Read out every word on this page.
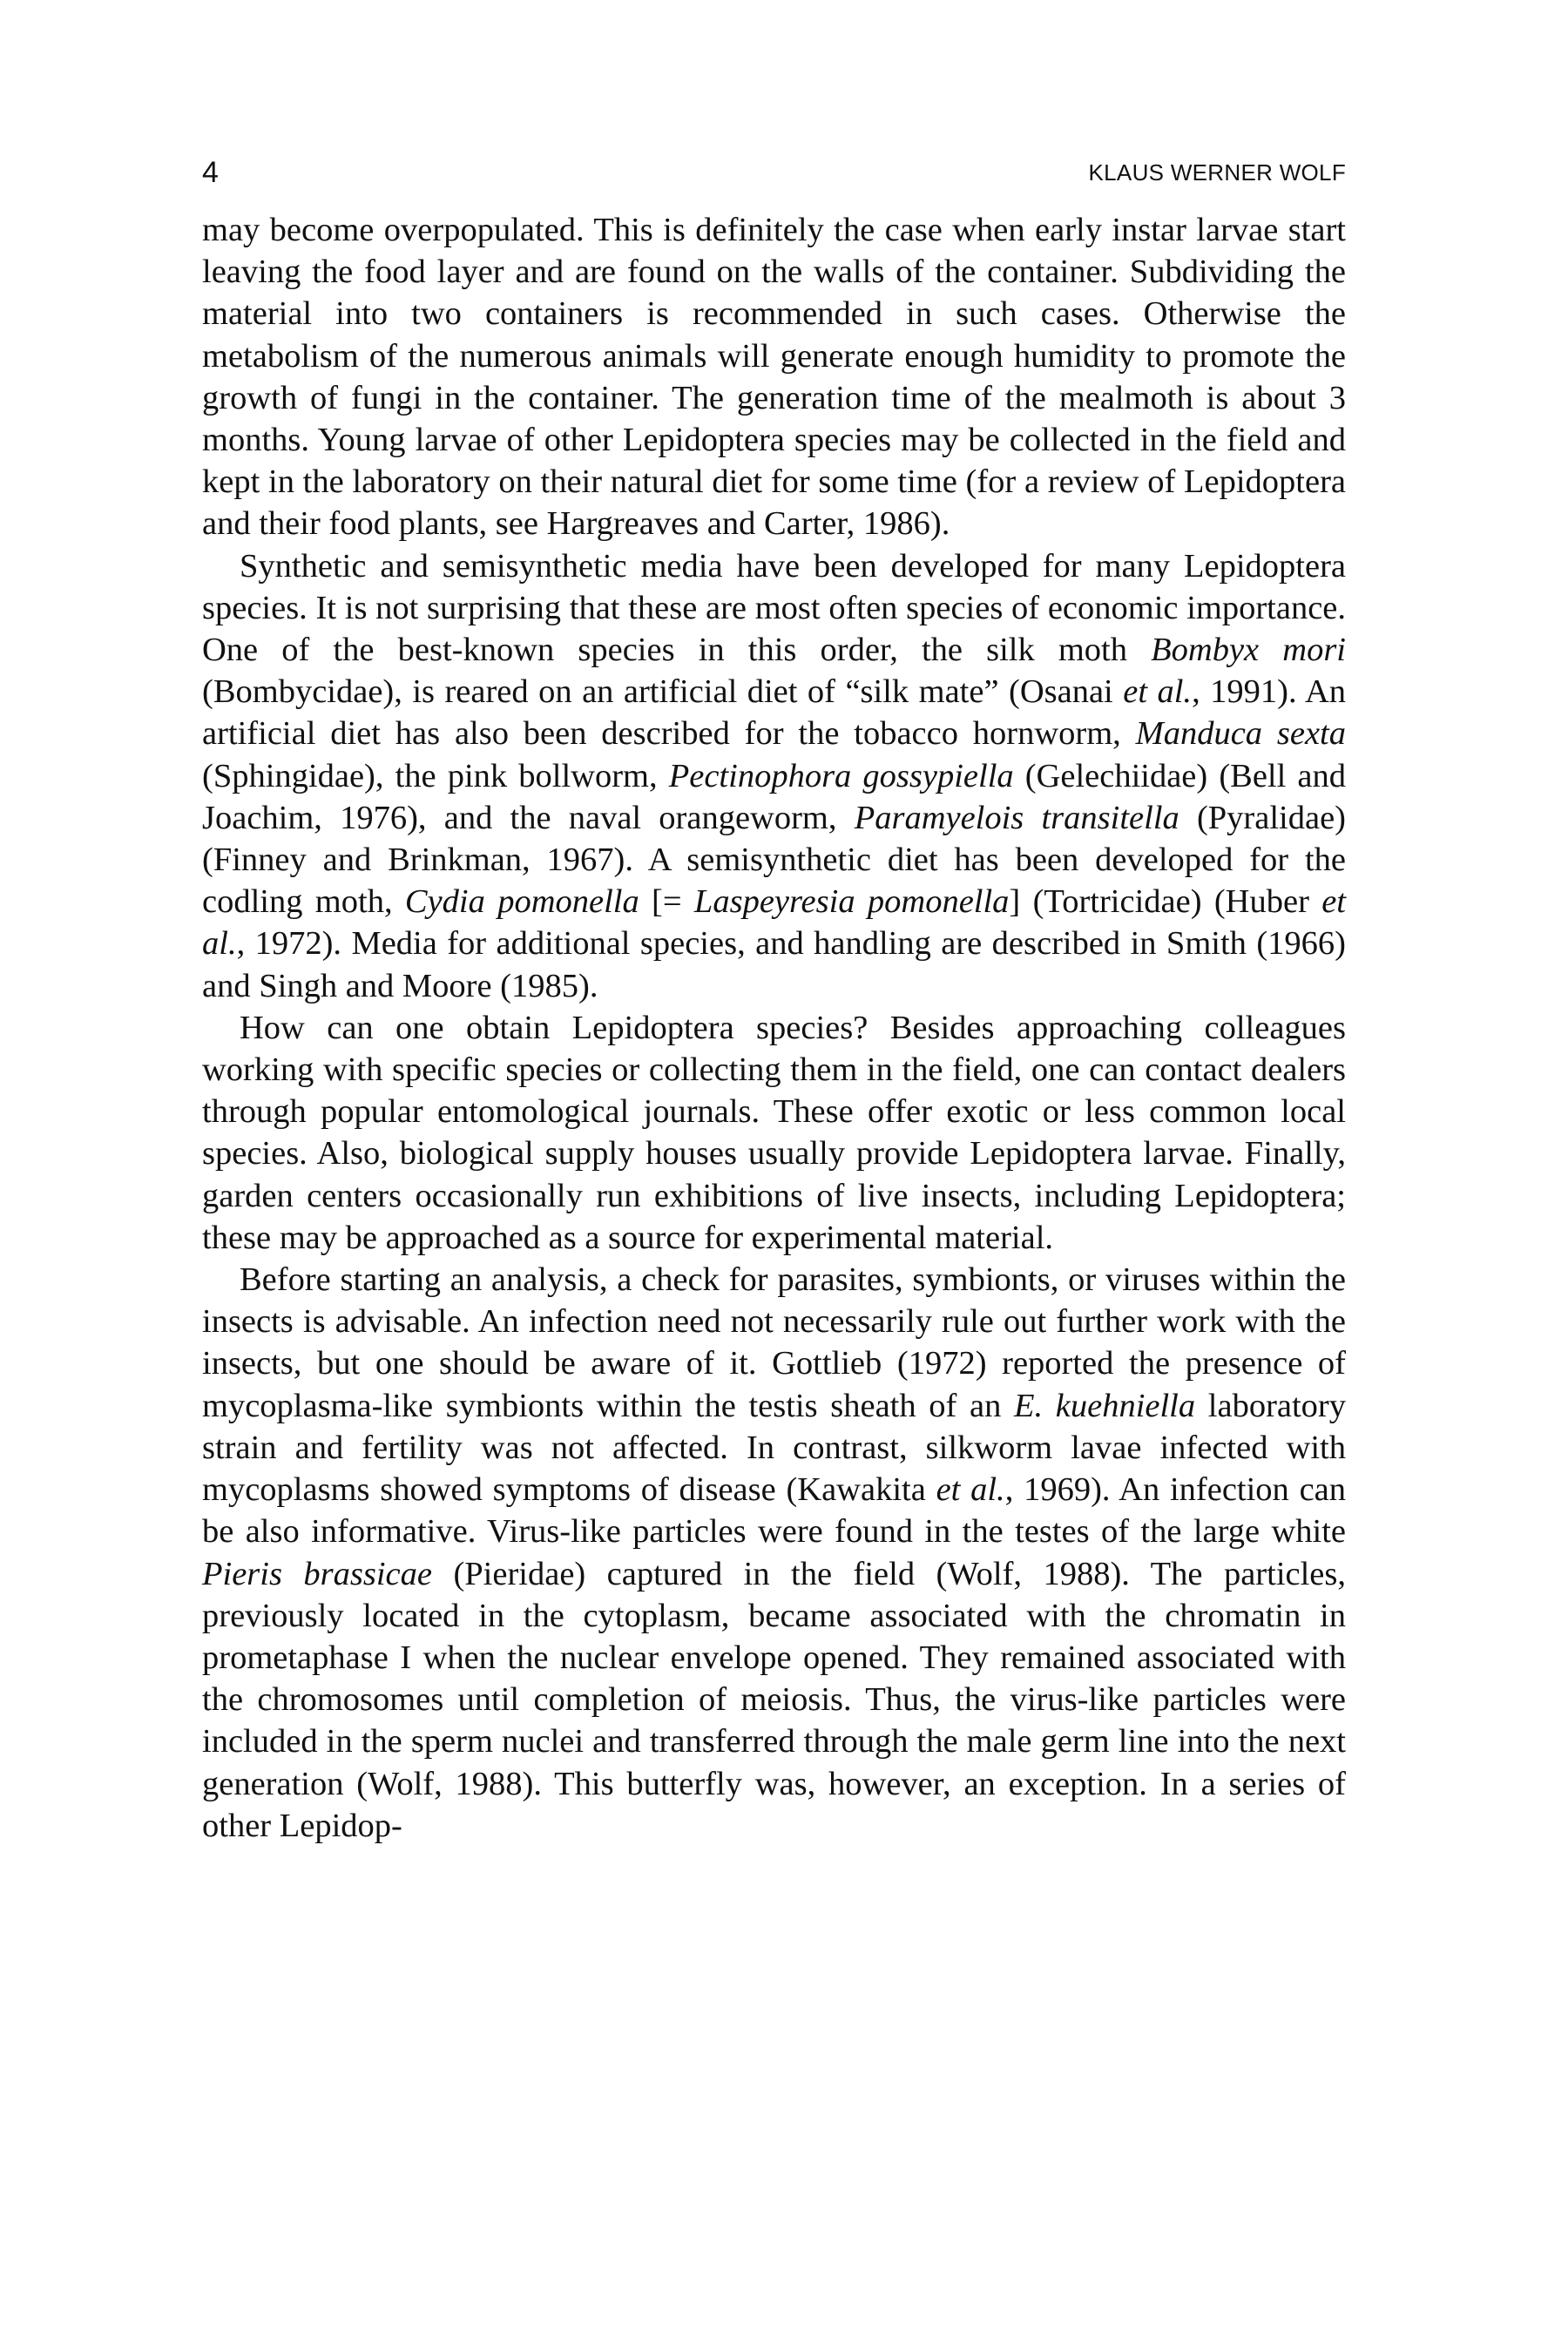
4	KLAUS WERNER WOLF

may become overpopulated. This is definitely the case when early instar larvae start leaving the food layer and are found on the walls of the container. Subdividing the material into two containers is recommended in such cases. Otherwise the metabolism of the numerous animals will generate enough humidity to promote the growth of fungi in the container. The generation time of the mealmoth is about 3 months. Young larvae of other Lepidoptera species may be collected in the field and kept in the laboratory on their natural diet for some time (for a review of Lepidoptera and their food plants, see Hargreaves and Carter, 1986).

Synthetic and semisynthetic media have been developed for many Lepidoptera species. It is not surprising that these are most often species of economic importance. One of the best-known species in this order, the silk moth Bombyx mori (Bombycidae), is reared on an artificial diet of “silk mate” (Osanai et al., 1991). An artificial diet has also been described for the tobacco hornworm, Manduca sexta (Sphingidae), the pink bollworm, Pectinophora gossypiella (Gelechiidae) (Bell and Joachim, 1976), and the naval orangeworm, Paramyelois transitella (Pyralidae) (Finney and Brinkman, 1967). A semisynthetic diet has been developed for the codling moth, Cydia pomonella [= Laspeyresia pomonella] (Tortricidae) (Huber et al., 1972). Media for additional species, and handling are described in Smith (1966) and Singh and Moore (1985).

How can one obtain Lepidoptera species? Besides approaching colleagues working with specific species or collecting them in the field, one can contact dealers through popular entomological journals. These offer exotic or less common local species. Also, biological supply houses usually provide Lepidoptera larvae. Finally, garden centers occasionally run exhibitions of live insects, including Lepidoptera; these may be approached as a source for experimental material.

Before starting an analysis, a check for parasites, symbionts, or viruses within the insects is advisable. An infection need not necessarily rule out further work with the insects, but one should be aware of it. Gottlieb (1972) reported the presence of mycoplasma-like symbionts within the testis sheath of an E. kuehniella laboratory strain and fertility was not affected. In contrast, silkworm lavae infected with mycoplasms showed symptoms of disease (Kawakita et al., 1969). An infection can be also informative. Virus-like particles were found in the testes of the large white Pieris brassicae (Pieridae) captured in the field (Wolf, 1988). The particles, previously located in the cytoplasm, became associated with the chromatin in prometaphase I when the nuclear envelope opened. They remained associated with the chromosomes until completion of meiosis. Thus, the virus-like particles were included in the sperm nuclei and transferred through the male germ line into the next generation (Wolf, 1988). This butterfly was, however, an exception. In a series of other Lepidop-
